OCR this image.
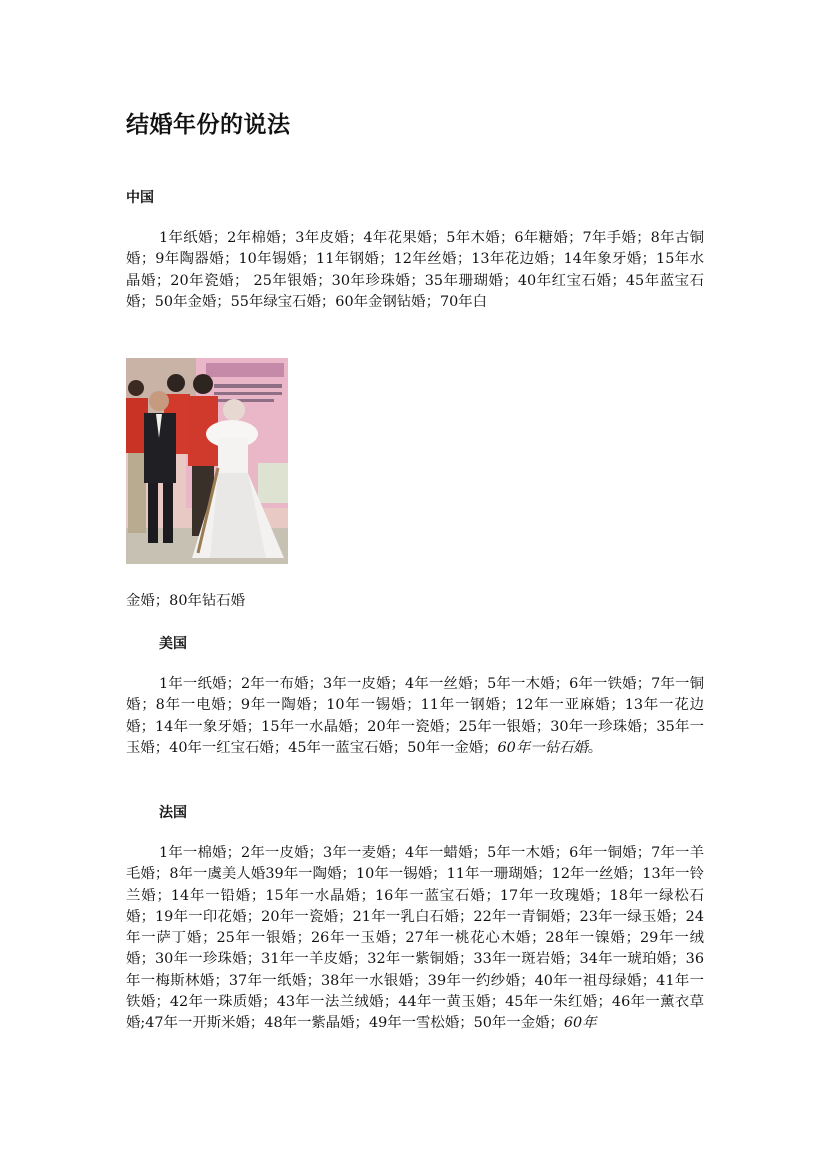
结婚年份的说法
中国

1年纸婚；2年棉婚；3年皮婚；4年花果婚；5年木婚；6年糖婚；7年手婚；8年古铜婚；9年陶器婚；10年锡婚；11年钢婚；12年丝婚；13年花边婚；14年象牙婚；15年水晶婚；20年瓷婚； 25年银婚；30年珍珠婚；35年珊瑚婚；40年红宝石婚；45年蓝宝石婚；50年金婚；55年绿宝石婚；60年金钢钻婚；70年白

金婚；80年钻石婚

美国

1年一纸婚；2年一布婚；3年一皮婚；4年一丝婚；5年一木婚；6年一铁婚；7年一铜婚；8年一电婚；9年一陶婚；10年一锡婚；11年一钢婚；12年一亚麻婚；13年一花边婚；14年一象牙婚；15年一水晶婚；20年一瓷婚；25年一银婚；30年一珍珠婚；35年一玉婚；40年一红宝石婚；45年一蓝宝石婚；50年一金婚；60年一钻石婚。

法国

1年一棉婚；2年一皮婚；3年一麦婚；4年一蜡婚；5年一木婚；6年一铜婚；7年一羊毛婚；8年一虞美人婚39年一陶婚；10年一锡婚；11年一珊瑚婚；12年一丝婚；13年一铃兰婚；14年一铅婚；15年一水晶婚；16年一蓝宝石婚；17年一玫瑰婚；18年一绿松石婚；19年一印花婚；20年一瓷婚；21年一乳白石婚；22年一青铜婚；23年一绿玉婚；24年一萨丁婚；25年一银婚；26年一玉婚；27年一桃花心木婚；28年一镍婚；29年一绒婚；30年一珍珠婚；31年一羊皮婚；32年一紫铜婚；33年一斑岩婚；34年一琥珀婚；36年一梅斯林婚；37年一纸婚；38年一水银婚；39年一约纱婚；40年一祖母绿婚；41年一铁婚；42年一珠质婚；43年一法兰绒婚；44年一黄玉婚；45年一朱红婚；46年一薰衣草婚;47年一开斯米婚；48年一紫晶婚；49年一雪松婚；50年一金婚；60年
